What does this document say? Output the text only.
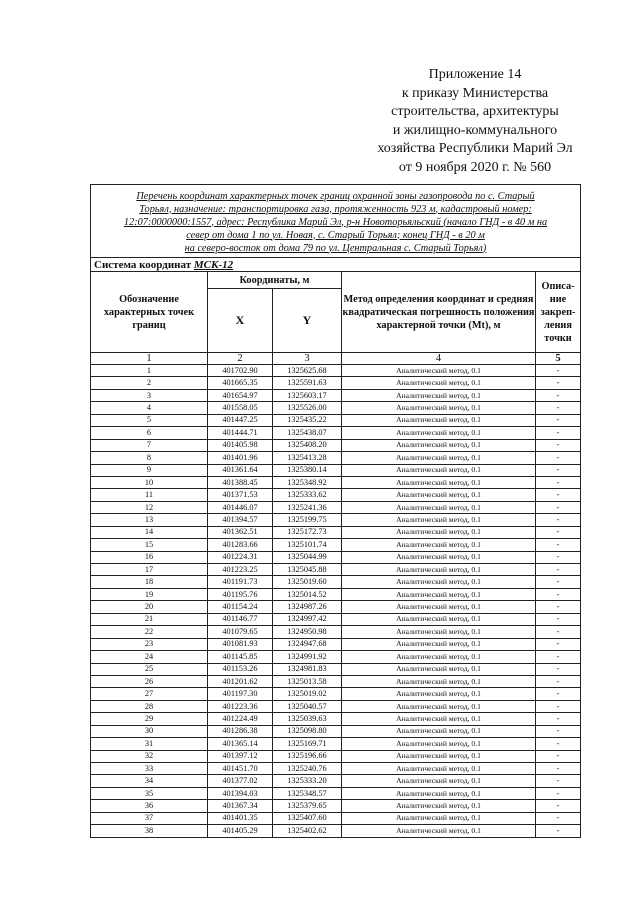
Приложение 14
к приказу Министерства
строительства, архитектуры
и жилищно-коммунального
хозяйства Республики Марий Эл
от 9 ноября 2020 г. № 560
Перечень координат характерных точек границ охранной зоны газопровода по с. Старый
Торьял, назначение: транспортировка газа, протяженность 923 м, кадастровый номер:
12:07:0000000:1557, адрес: Республика Марий Эл, р-н Новоторьяльский (начало ГНД - в 40 м на
север от дома 1 по ул. Новая, с. Старый Торьял; конец ГНД - в 20 м
на северо-восток от дома 79 по ул. Центральная с. Старый Торьял)				

Система координат МСК-12				
Обозначение характерных точек границ	Координаты, м		Метод определения координат и средняя квадратическая погрешность положения характерной точки (Mt), м	Описа-ние закреп-ления точки
	X	Y		
1	2	3	4	5
1	401702.90	1325625.68	Аналитический метод, 0.1	-
2	401665.35	1325591.63	Аналитический метод, 0.1	-
3	401654.97	1325603.17	Аналитический метод, 0.1	-
4	401558.05	1325526.00	Аналитический метод, 0.1	-
5	401447.25	1325435.22	Аналитический метод, 0.1	-
6	401444.71	1325438.07	Аналитический метод, 0.1	-
7	401405.98	1325408.20	Аналитический метод, 0.1	-
8	401401.96	1325413.28	Аналитический метод, 0.1	-
9	401361.64	1325380.14	Аналитический метод, 0.1	-
10	401388.45	1325348.92	Аналитический метод, 0.1	-
11	401371.53	1325333.62	Аналитический метод, 0.1	-
12	401446.07	1325241.36	Аналитический метод, 0.1	-
13	401394.57	1325199.75	Аналитический метод, 0.1	-
14	401362.51	1325172.73	Аналитический метод, 0.1	-
15	401283.66	1325101.74	Аналитический метод, 0.1	-
16	401224.31	1325044.99	Аналитический метод, 0.1	-
17	401223.25	1325045.88	Аналитический метод, 0.1	-
18	401191.73	1325019.60	Аналитический метод, 0.1	-
19	401195.76	1325014.52	Аналитический метод, 0.1	-
20	401154.24	1324987.26	Аналитический метод, 0.1	-
21	401146.77	1324997.42	Аналитический метод, 0.1	-
22	401079.65	1324950.98	Аналитический метод, 0.1	-
23	401081.93	1324947.68	Аналитический метод, 0.1	-
24	401145.85	1324991.92	Аналитический метод, 0.1	-
25	401153.26	1324981.83	Аналитический метод, 0.1	-
26	401201.62	1325013.58	Аналитический метод, 0.1	-
27	401197.30	1325019.02	Аналитический метод, 0.1	-
28	401223.36	1325040.57	Аналитический метод, 0.1	-
29	401224.49	1325039.63	Аналитический метод, 0.1	-
30	401286.38	1325098.80	Аналитический метод, 0.1	-
31	401365.14	1325169.71	Аналитический метод, 0.1	-
32	401397.12	1325196.66	Аналитический метод, 0.1	-
33	401451.70	1325240.76	Аналитический метод, 0.1	-
34	401377.02	1325333.20	Аналитический метод, 0.1	-
35	401394.03	1325348.57	Аналитический метод, 0.1	-
36	401367.34	1325379.65	Аналитический метод, 0.1	-
37	401401.35	1325407.60	Аналитический метод, 0.1	-
38	401405.29	1325402.62	Аналитический метод, 0.1	-
